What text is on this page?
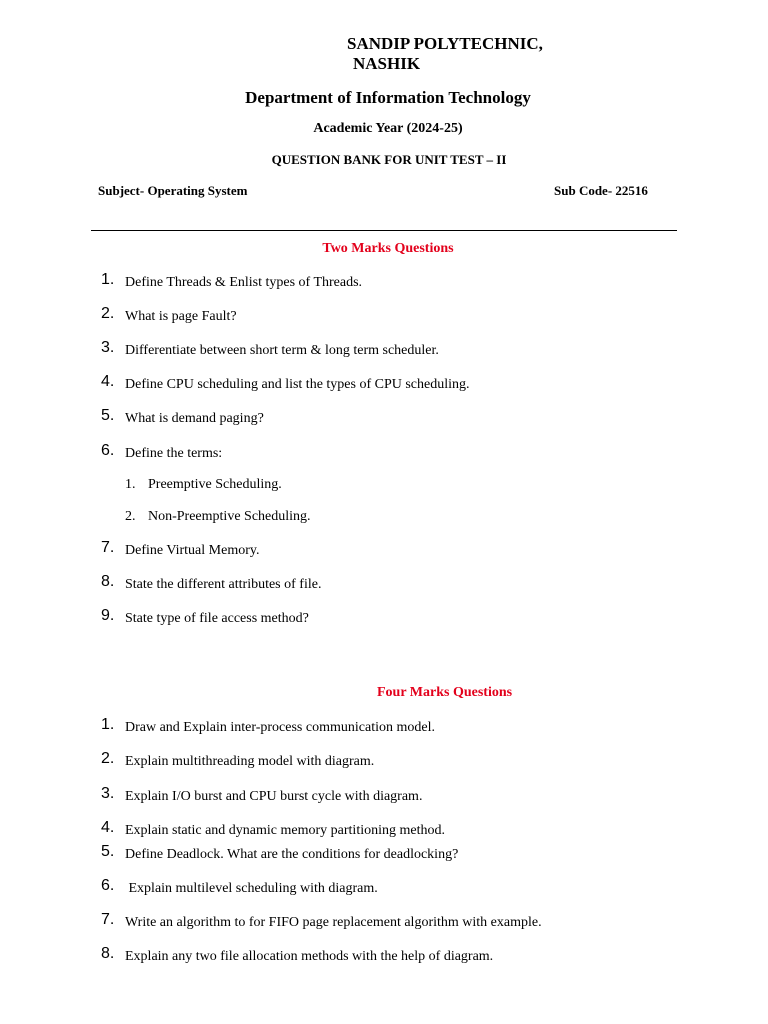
SANDIP POLYTECHNIC,
NASHIK
Department of Information Technology
Academic Year (2024-25)
QUESTION BANK FOR UNIT TEST – II
Subject- Operating System	Sub Code- 22516
Two Marks Questions
1. Define Threads & Enlist types of Threads.
2. What is page Fault?
3. Differentiate between short term & long term scheduler.
4. Define CPU scheduling and list the types of CPU scheduling.
5. What is demand paging?
6. Define the terms:
1. Preemptive Scheduling.
2. Non-Preemptive Scheduling.
7. Define Virtual Memory.
8. State the different attributes of file.
9. State type of file access method?
Four Marks Questions
1. Draw and Explain inter-process communication model.
2. Explain multithreading model with diagram.
3. Explain I/O burst and CPU burst cycle with diagram.
4. Explain static and dynamic memory partitioning method.
5. Define Deadlock. What are the conditions for deadlocking?
6. Explain multilevel scheduling with diagram.
7. Write an algorithm to for FIFO page replacement algorithm with example.
8. Explain any two file allocation methods with the help of diagram.
